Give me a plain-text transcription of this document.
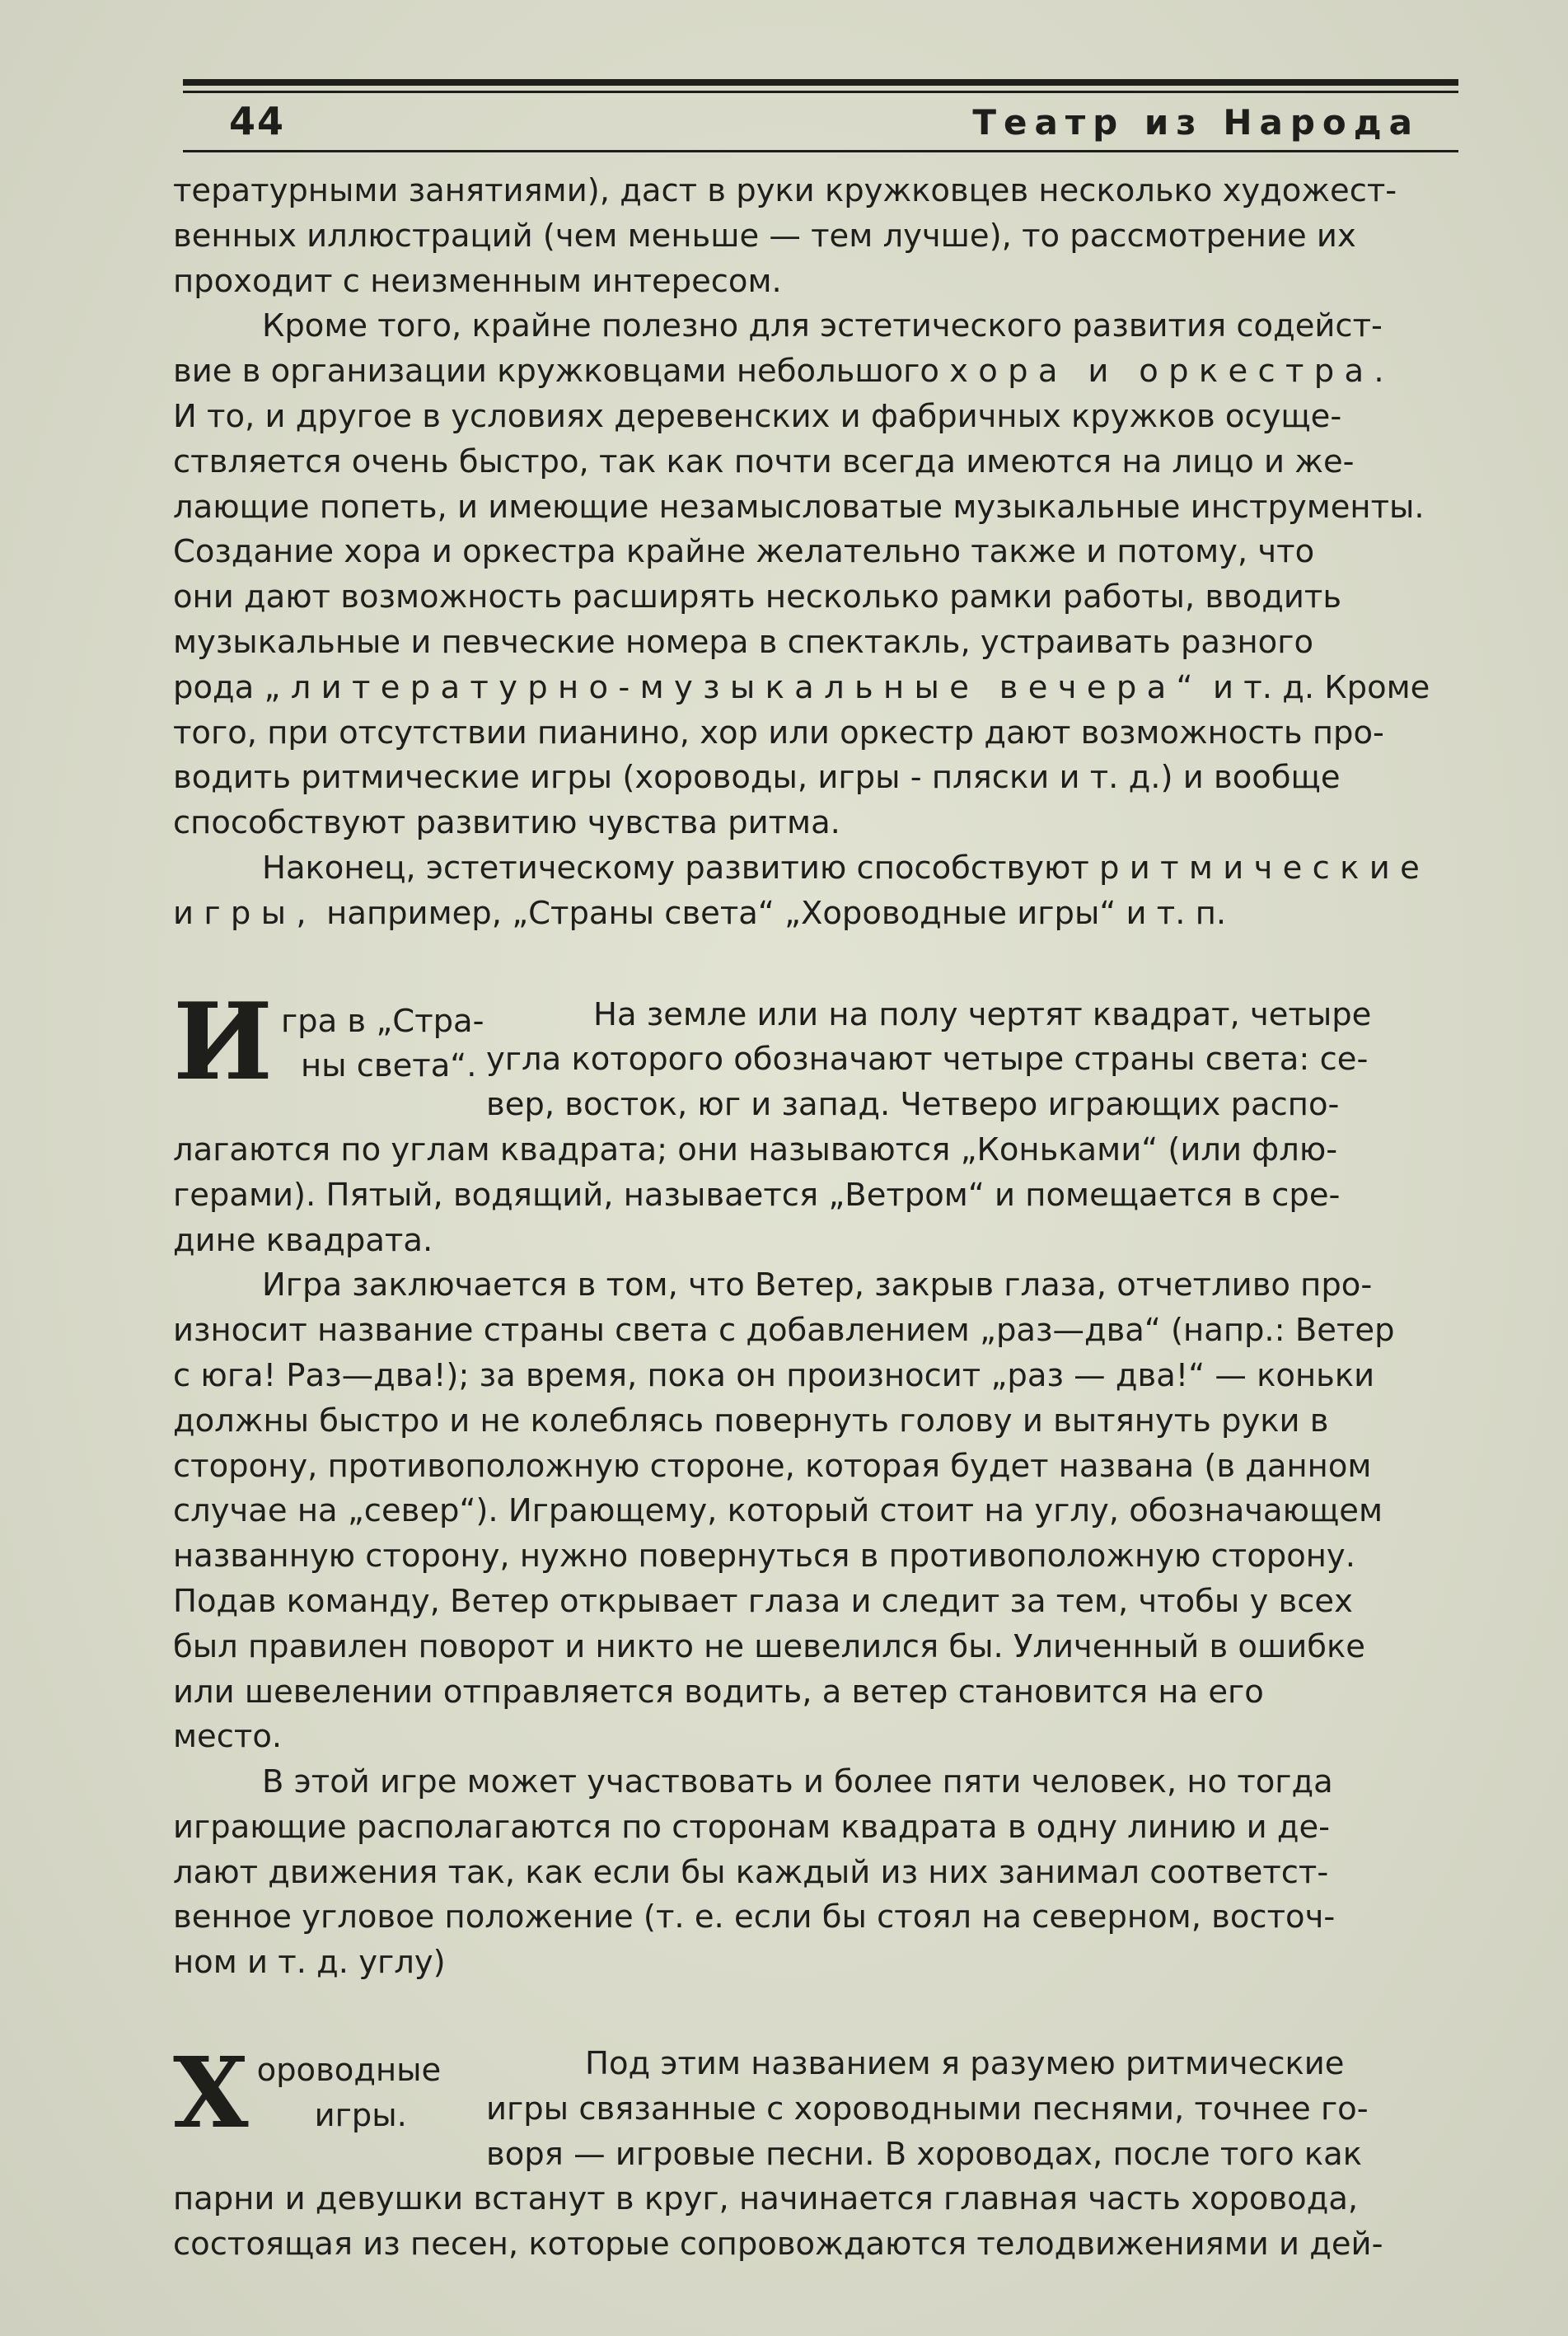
44	Театр из Народа

тературными занятиями), даст в руки кружковцев несколько художест-
венных иллюстраций (чем меньше — тем лучше), то рассмотрение их
проходит с неизменным интересом.

Кроме того, крайне полезно для эстетического развития содейст-
вие в организации кружковцами небольшого хора и оркестра.
И то, и другое в условиях деревенских и фабричных кружков осуще-
ствляется очень быстро, так как почти всегда имеются на лицо и же-
лающие попеть, и имеющие незамысловатые музыкальные инструменты.
Создание хора и оркестра крайне желательно также и потому, что
они дают возможность расширять несколько рамки работы, вводить
музыкальные и певческие номера в спектакль, устраивать разного
рода „литературно-музыкальные вечера“ и т. д. Кроме
того, при отсутствии пианино, хор или оркестр дают возможность про-
водить ритмические игры (хороводы, игры - пляски и т. д.) и вообще
способствуют развитию чувства ритма.

Наконец, эстетическому развитию способствуют ритмические
игры, например, „Страны света“ „Хороводные игры“ и т. п.

И гра в „Стра-
ны света“.

На земле или на полу чертят квадрат, четыре

угла которого обозначают четыре страны света: се-

вер, восток, юг и запад. Четверо играющих распо-

лагаются по углам квадрата; они называются „Коньками“ (или флю-
герами). Пятый, водящий, называется „Ветром“ и помещается в сре-
дине квадрата.

Игра заключается в том, что Ветер, закрыв глаза, отчетливо про-
износит название страны света с добавлением „раз—два“ (напр.: Ветер
с юга! Раз—два!); за время, пока он произносит „раз — два!“ — коньки
должны быстро и не колеблясь повернуть голову и вытянуть руки в
сторону, противоположную стороне, которая будет названа (в данном
случае на „север“). Играющему, который стоит на углу, обозначающем
названную сторону, нужно повернуться в противоположную сторону.
Подав команду, Ветер открывает глаза и следит за тем, чтобы у всех
был правилен поворот и никто не шевелился бы. Уличенный в ошибке
или шевелении отправляется водить, а ветер становится на его
место.

В этой игре может участвовать и более пяти человек, но тогда
играющие располагаются по сторонам квадрата в одну линию и де-
лают движения так, как если бы каждый из них занимал соответст-
венное угловое положение (т. е. если бы стоял на северном, восточ-
ном и т. д. углу)

Х ороводные
игры.

Под этим названием я разумею ритмические

игры связанные с хороводными песнями, точнее го-

воря — игровые песни. В хороводах, после того как

парни и девушки встанут в круг, начинается главная часть хоровода,
состоящая из песен, которые сопровождаются телодвижениями и дей-
